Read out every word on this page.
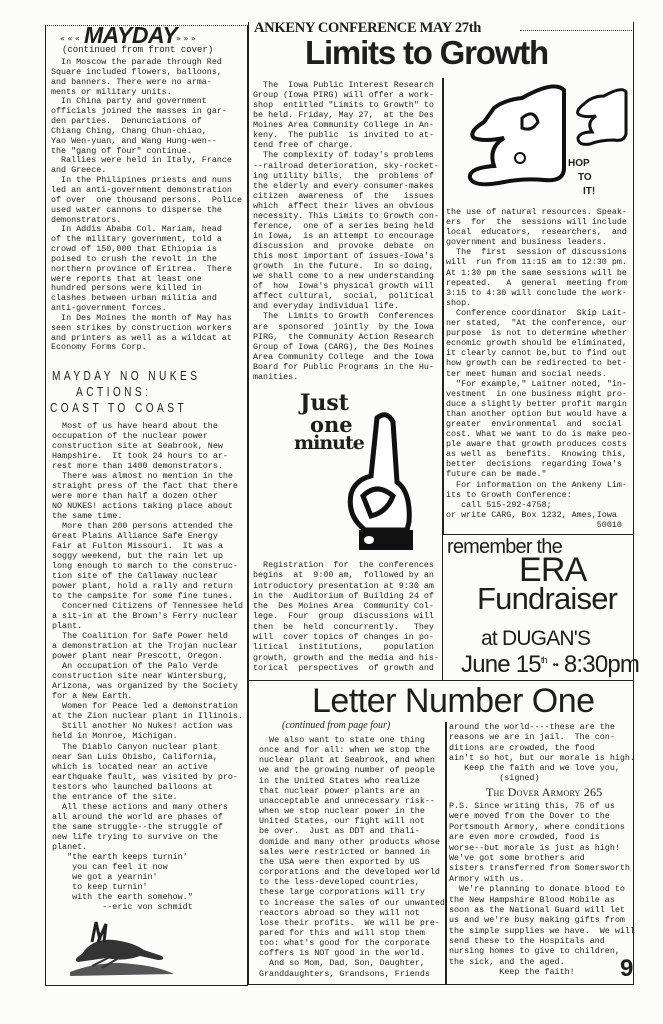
« « « MAYDAY
» » »
(continued from front cover)
In Moscow the parade through Red
Square included flowers, balloons,
and banners. There were no arma-
ments or military units.
In China party and government
officials joined the masses in gar-
den parties.  Denunciations of
Chiang Ching, Chang Chun-chiao,
Yao Wen-yuan, and Wang Hung-wen--
the "gang of four" continue.
Rallies were held in Italy, France
and Greece.
In the Philipines priests and nuns
led an anti-government demonstration
of over  one thousand persons.  Police
used water cannons to disperse the
demonstrators.
In Addis Ababa Col. Mariam, head
of the military government, told a
crowd of 150,000 that Ethiopia is
poised to crush the revolt in the
northern province of Eritrea.  There
were reports that at least one
hundred persons were killed in
clashes between urban militia and
anti-government forces.
In Des Moines the month of May has
seen strikes by construction workers
and printers as well as a wildcat at
Economy Forms Corp.
MAYDAY NO NUKES
ACTIONS:
COAST TO COAST
Most of us have heard about the
occupation of the nuclear power
construction site at Seabrook, New
Hampshire.  It took 24 hours to ar-
rest more than 1400 demonstrators.
There was almost no mention in the
straight press of the fact that there
were more than half a dozen other
NO NUKES! actions taking place about
the same time.
More than 200 persons attended the
Great Plains Alliance Safe Energy
Fair at Fulton Missouri.  It was a
soggy weekend, but the rain let up
long enough to march to the construc-
tion site of the Callaway nuclear
power plant, hold a rally and return
to the campsite for some fine tunes.
Concerned Citizens of Tennessee held
a sit-in at the Brown's Ferry nuclear
plant.
The Coalition for Safe Power held
a demonstration at the Trojan nuclear
power plant near Prescott, Oregon.
An occupation of the Palo Verde
construction site near Wintersburg,
Arizona, was organized by the Society
for a New Earth.
Women for Peace led a demonstration
at the Zion nuclear plant in Illinois.
Still another No Nukes! action was
held in Monroe, Michigan.
The Diablo Canyon nuclear plant
near San Luis Obisbo, California,
which is located near an active
earthquake fault, was visited by pro-
testors who launched balloons at
the entrance of the site.
All these actions and many others
all around the world are phases of
the same struggle--the struggle of
new life trying to survive on the
planet.
"the earth keeps turnin'
you can feel it now
we got a yearnin'
to keep turnin'
with the earth somehow."
--eric von schmidt
ANKENY CONFERENCE MAY 27th
Limits to Growth
The  Iowa Public Interest Research
Group (Iowa PIRG) will offer a work-
shop  entitled "Limits to Growth" to
be held. Friday, May 27,  at the Des
Moines Area Community College in An-
keny.  The public  is invited to at-
tend free of charge.
The complexity of today's problems
--railroad deterioration, sky-rocket-
ing utility bills,  the  problems of
the elderly and every consumer-makes
citizen  awareness  of  the   issues
which  affect their lives an obvious
necessity. This Limits to Growth con-
ference,  one of a series being held
in Iowa,  is an attempt to encourage
discussion  and  provoke  debate  on
this most important of issues-Iowa's
growth  in the future.  In so doing,
we shall come to a new understanding
of  how  Iowa's physical growth will
affect cultural,  social,  political
and everyday individual life.
The  Limits to Growth  Conferences
are  sponsored  jointly  by the Iowa
PIRG,  the Community Action Research
Group of Iowa (CARG), the Des Moines
Area Community College  and the Iowa
Board for Public Programs in the Hu-
manities.
Just
one
minute
Registration  for  the conferences
begins  at  9:00 am,  followed by an
introductory presentation at 9:30 am
in the  Auditorium of Building 24 of
the  Des Moines Area  Community Col-
lege.  Four  group  discussions will
then  be  held  concurrently.   They
will  cover topics of changes in po-
litical  institutions,    population
growth, growth and the media and his-
torical  perspectives  of growth and
HOP
TO
IT!
the use of natural resources. Speak-
ers  for  the  sessions will include
local  educators,  researchers,  and
government and business leaders.
The  first  session of discussions
will  run from 11:15 am to 12:30 pm.
At 1:30 pm the same sessions will be
repeated.   A  general  meeting from
3:15 to 4:30 will conclude the work-
shop.
Conference coordinator  Skip Lait-
ner stated,  "At the conference, our
purpose  is not to determine whether
ecnomic growth should be eliminated,
it clearly cannot be,but to find out
how growth can be redirected to bet-
ter meet human and social needs.
"For example," Laitner noted, "in-
vestment  in one business might pro-
duce a slightly better profit margin
than another option but would have a
greater  environmental  and  social
cost. What we want to do is make peo-
ple aware that growth produces costs
as well as  benefits.  Knowing this,
better  decisions  regarding Iowa's
future can be made."
For information on the Ankeny Lim-
its to Growth Conference:
call 515-292-4758;
or write CARG, Box 1232, Ames,Iowa
50010
remember the
ERA
Fundraiser
at DUGAN'S
June 15th •• 8:30pm
Letter Number One
(continued from page four)
We also want to state one thing
once and for all: when we stop the
nuclear plant at Seabrook, and when
we and the growing number of people
in the United States who realize
that nuclear power plants are an
unacceptable and unnecessary risk--
when we stop nuclear power in the
United States, our fight will not
be over.  Just as DDT and thali-
domide and many other products whose
sales were restricted or banned in
the USA were then exported by US
corporations and the developed world
to the less-developed countries,
these large corporations will try
to increase the sales of our unwanted
reactors abroad so they will not
lose their profits.  We will be pre-
pared for this and will stop them
too: what's good for the corporate
coffers is NOT good in the world.
And so Mom, Dad, Son, Daughter,
Granddaughters, Grandsons, Friends
around the world----these are the
reasons we are in jail.  The con-
ditions are crowded, the food
ain't so hot, but our morale is high.
Keep the faith and we love you,
(signed)
The Dover Armory 265
P.S. Since writing this, 75 of us
were moved from the Dover to the
Portsmouth Armory, where conditions
are even more crowded, food is
worse--but morale is just as high!
We've got some brothers and
sisters transferred from Somersworth
Armory with us.
We're planning to donate blood to
the New Hampshire Blood Mobile as
soon as the National Guard will let
us and we're busy making gifts from
the simple supplies we have.  We will
send these to the Hospitals and
nursing homes to give to children,
the sick, and the aged.
Keep the faith!	9
